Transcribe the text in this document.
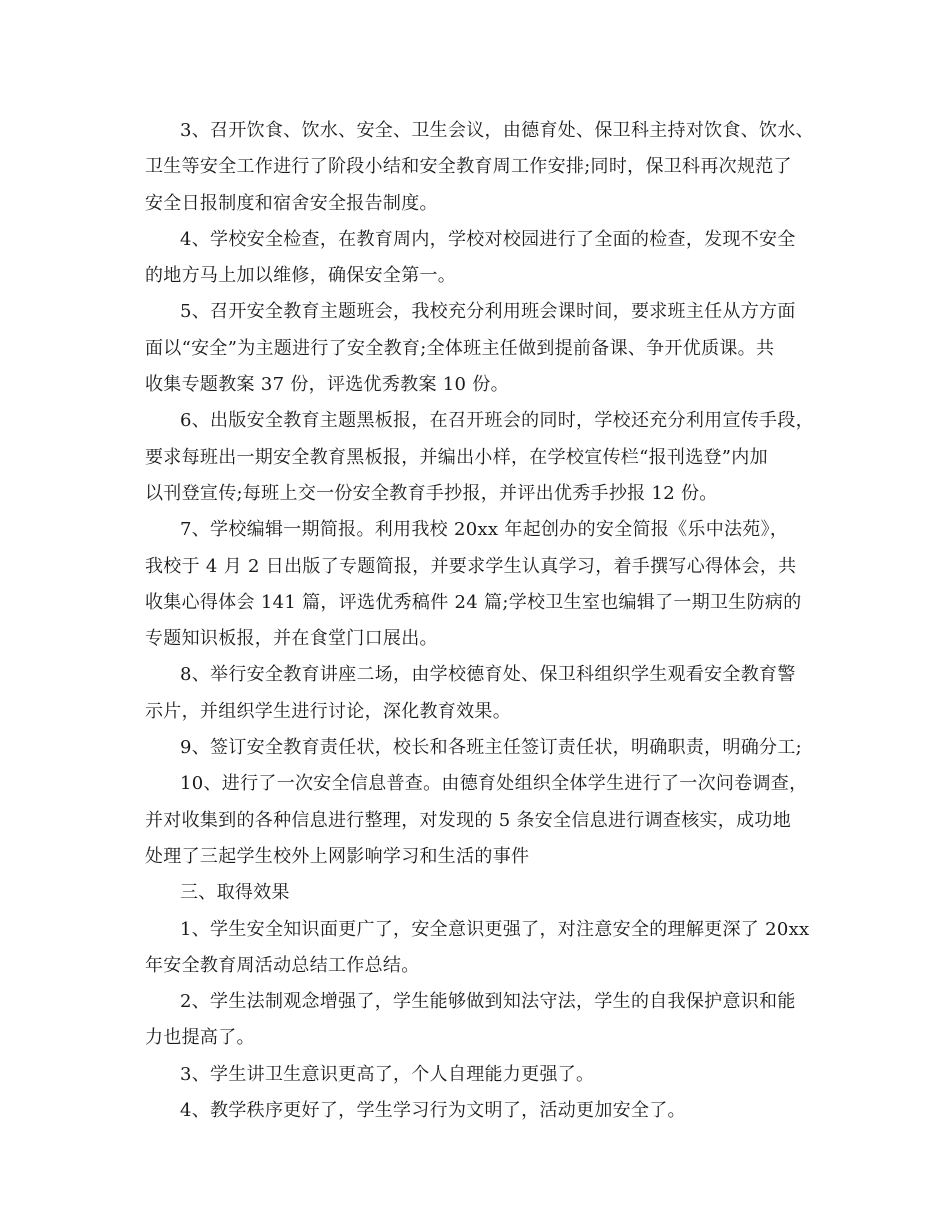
3、召开饮食、饮水、安全、卫生会议，由德育处、保卫科主持对饮食、饮水、
卫生等安全工作进行了阶段小结和安全教育周工作安排;同时，保卫科再次规范了
安全日报制度和宿舍安全报告制度。
4、学校安全检查，在教育周内，学校对校园进行了全面的检查，发现不安全
的地方马上加以维修，确保安全第一。
5、召开安全教育主题班会，我校充分利用班会课时间，要求班主任从方方面
面以“安全”为主题进行了安全教育;全体班主任做到提前备课、争开优质课。共
收集专题教案 37 份，评选优秀教案 10 份。
6、出版安全教育主题黑板报，在召开班会的同时，学校还充分利用宣传手段，
要求每班出一期安全教育黑板报，并编出小样，在学校宣传栏“报刊选登”内加
以刊登宣传;每班上交一份安全教育手抄报，并评出优秀手抄报 12 份。
7、学校编辑一期简报。利用我校 20xx 年起创办的安全简报《乐中法苑》，
我校于 4 月 2 日出版了专题简报，并要求学生认真学习，着手撰写心得体会，共
收集心得体会 141 篇，评选优秀稿件 24 篇;学校卫生室也编辑了一期卫生防病的
专题知识板报，并在食堂门口展出。
8、举行安全教育讲座二场，由学校德育处、保卫科组织学生观看安全教育警
示片，并组织学生进行讨论，深化教育效果。
9、签订安全教育责任状，校长和各班主任签订责任状，明确职责，明确分工;
10、进行了一次安全信息普查。由德育处组织全体学生进行了一次问卷调查，
并对收集到的各种信息进行整理，对发现的 5 条安全信息进行调查核实，成功地
处理了三起学生校外上网影响学习和生活的事件
三、取得效果
1、学生安全知识面更广了，安全意识更强了，对注意安全的理解更深了 20xx
年安全教育周活动总结工作总结。
2、学生法制观念增强了，学生能够做到知法守法，学生的自我保护意识和能
力也提高了。
3、学生讲卫生意识更高了，个人自理能力更强了。
4、教学秩序更好了，学生学习行为文明了，活动更加安全了。
